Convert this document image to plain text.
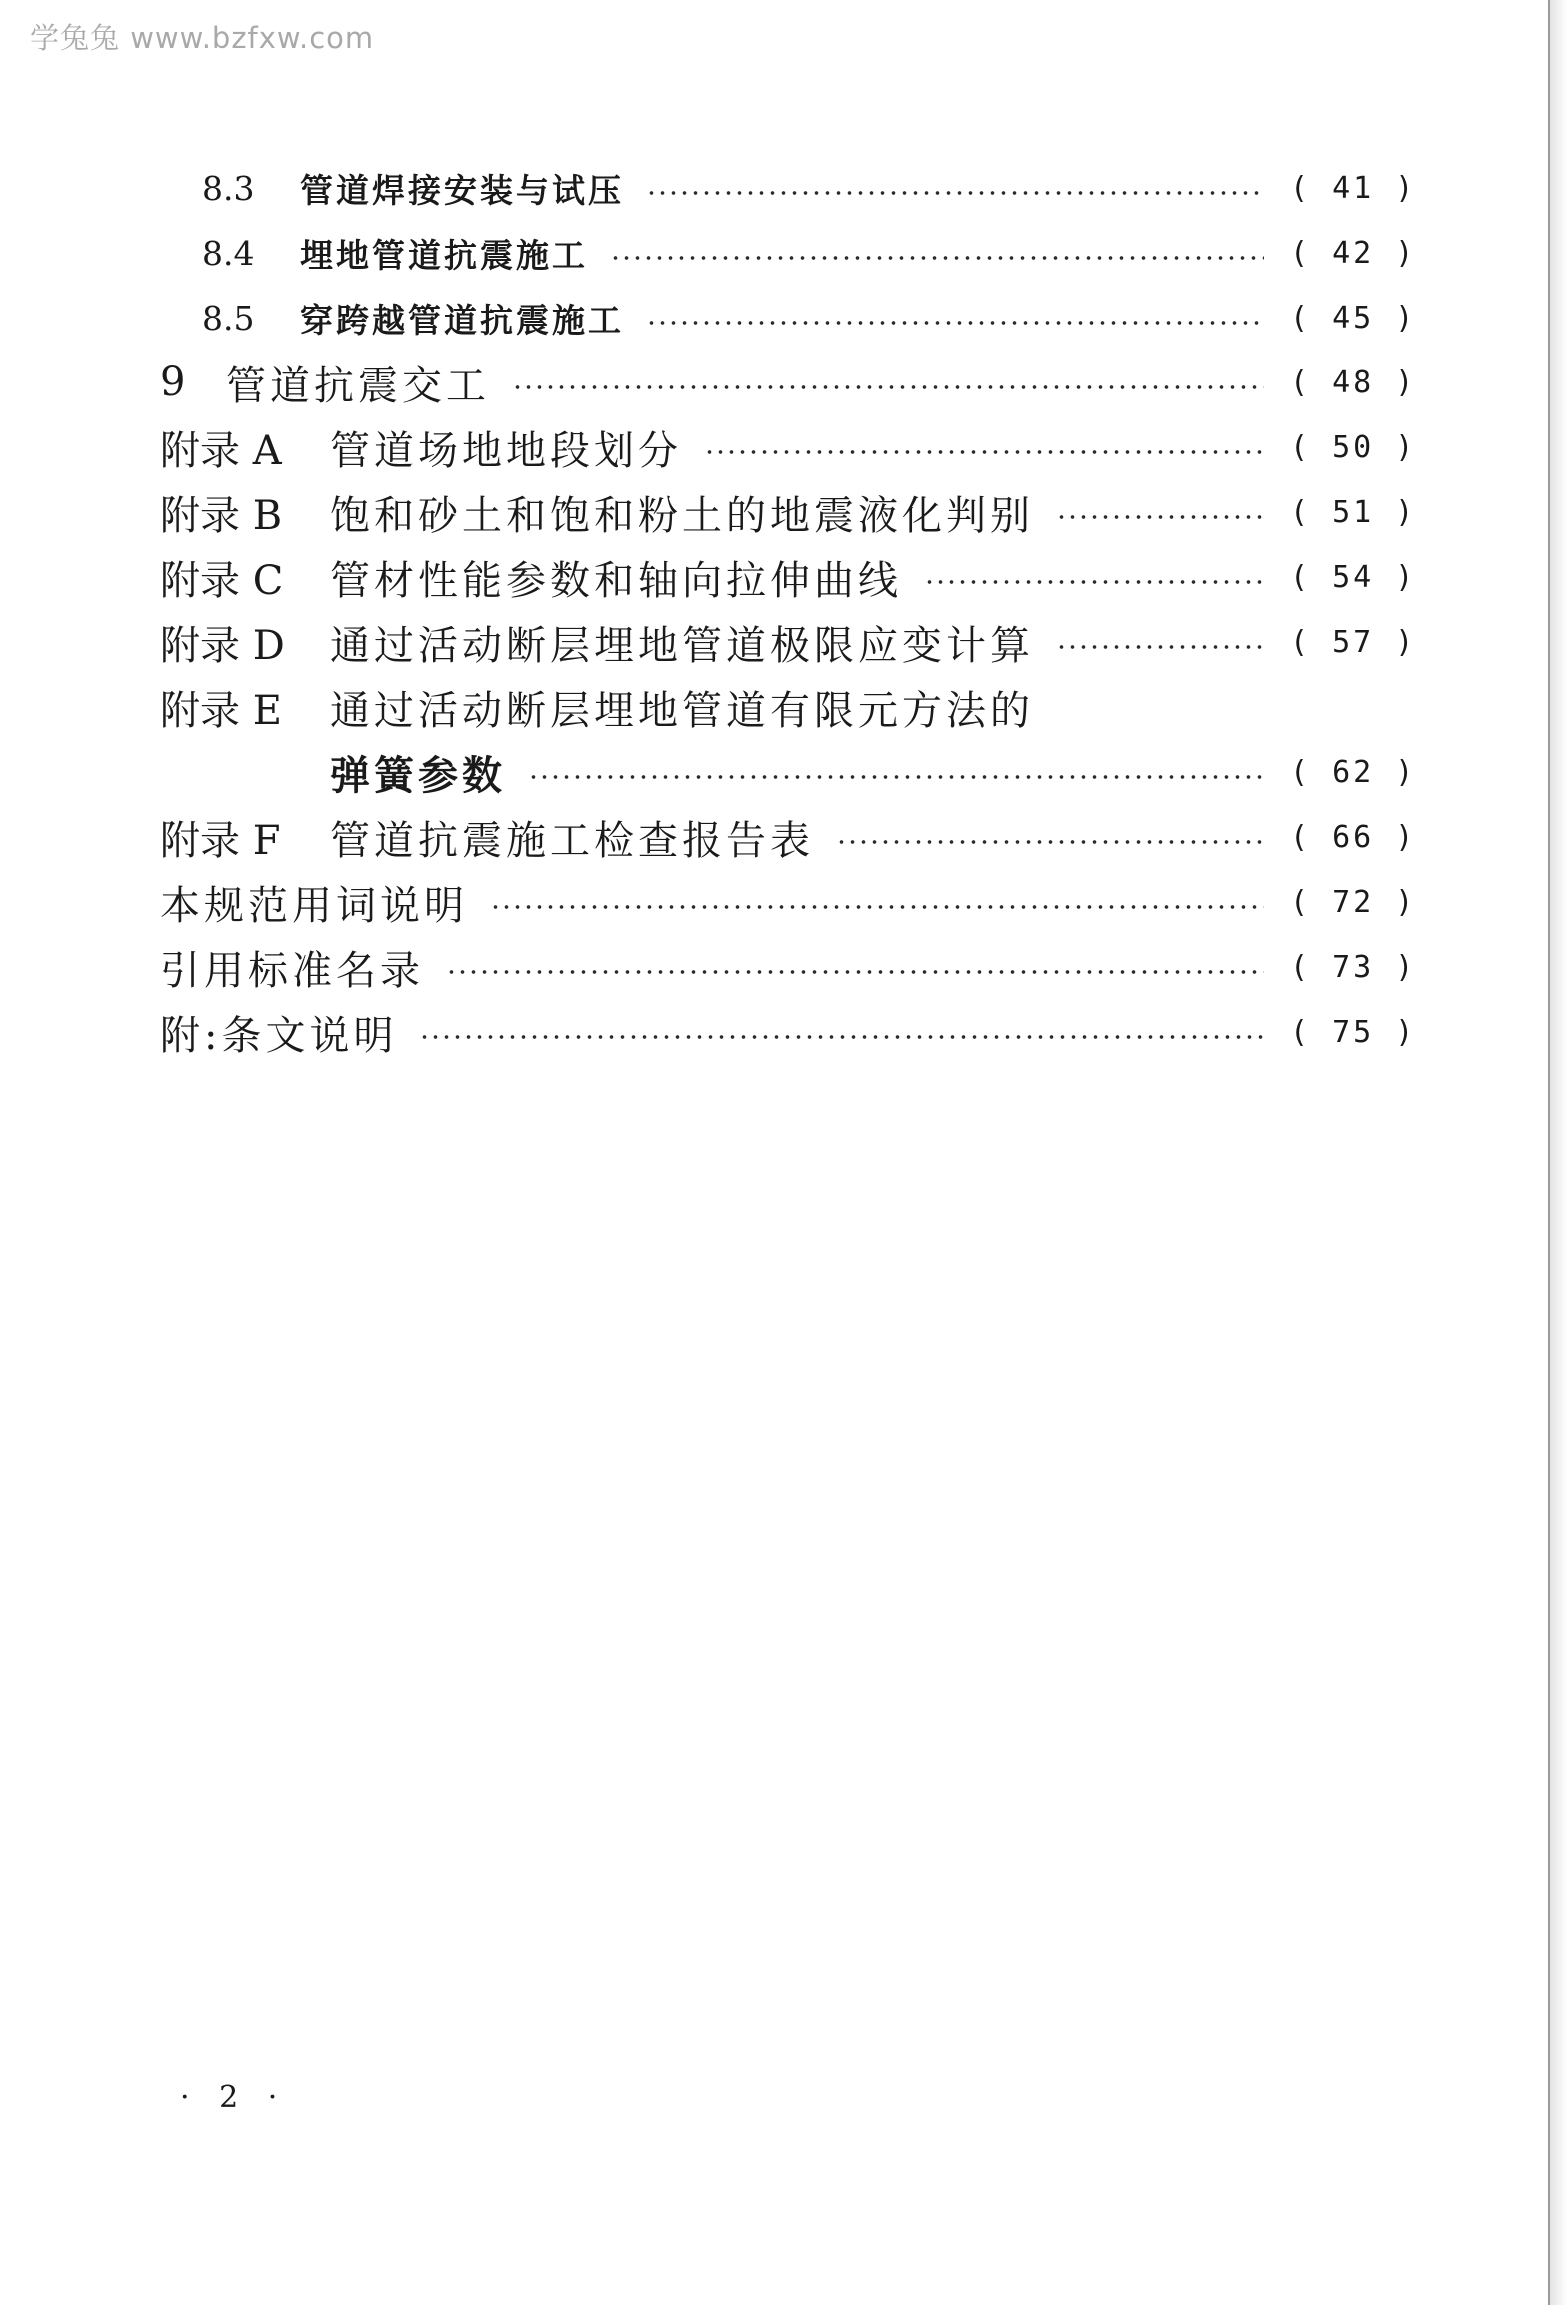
学兔兔 www.bzfxw.com
8.3	管道焊接安装与试压	( 41 )
8.4	埋地管道抗震施工	( 42 )
8.5	穿跨越管道抗震施工	( 45 )
9	管道抗震交工	( 48 )
附录 A	管道场地地段划分	( 50 )
附录 B	饱和砂土和饱和粉土的地震液化判别	( 51 )
附录 C	管材性能参数和轴向拉伸曲线	( 54 )
附录 D	通过活动断层埋地管道极限应变计算	( 57 )
附录 E	通过活动断层埋地管道有限元方法的
弹簧参数	( 62 )
附录 F	管道抗震施工检查报告表	( 66 )
本规范用词说明	( 72 )
引用标准名录	( 73 )
附:条文说明	( 75 )
· 2 ·
